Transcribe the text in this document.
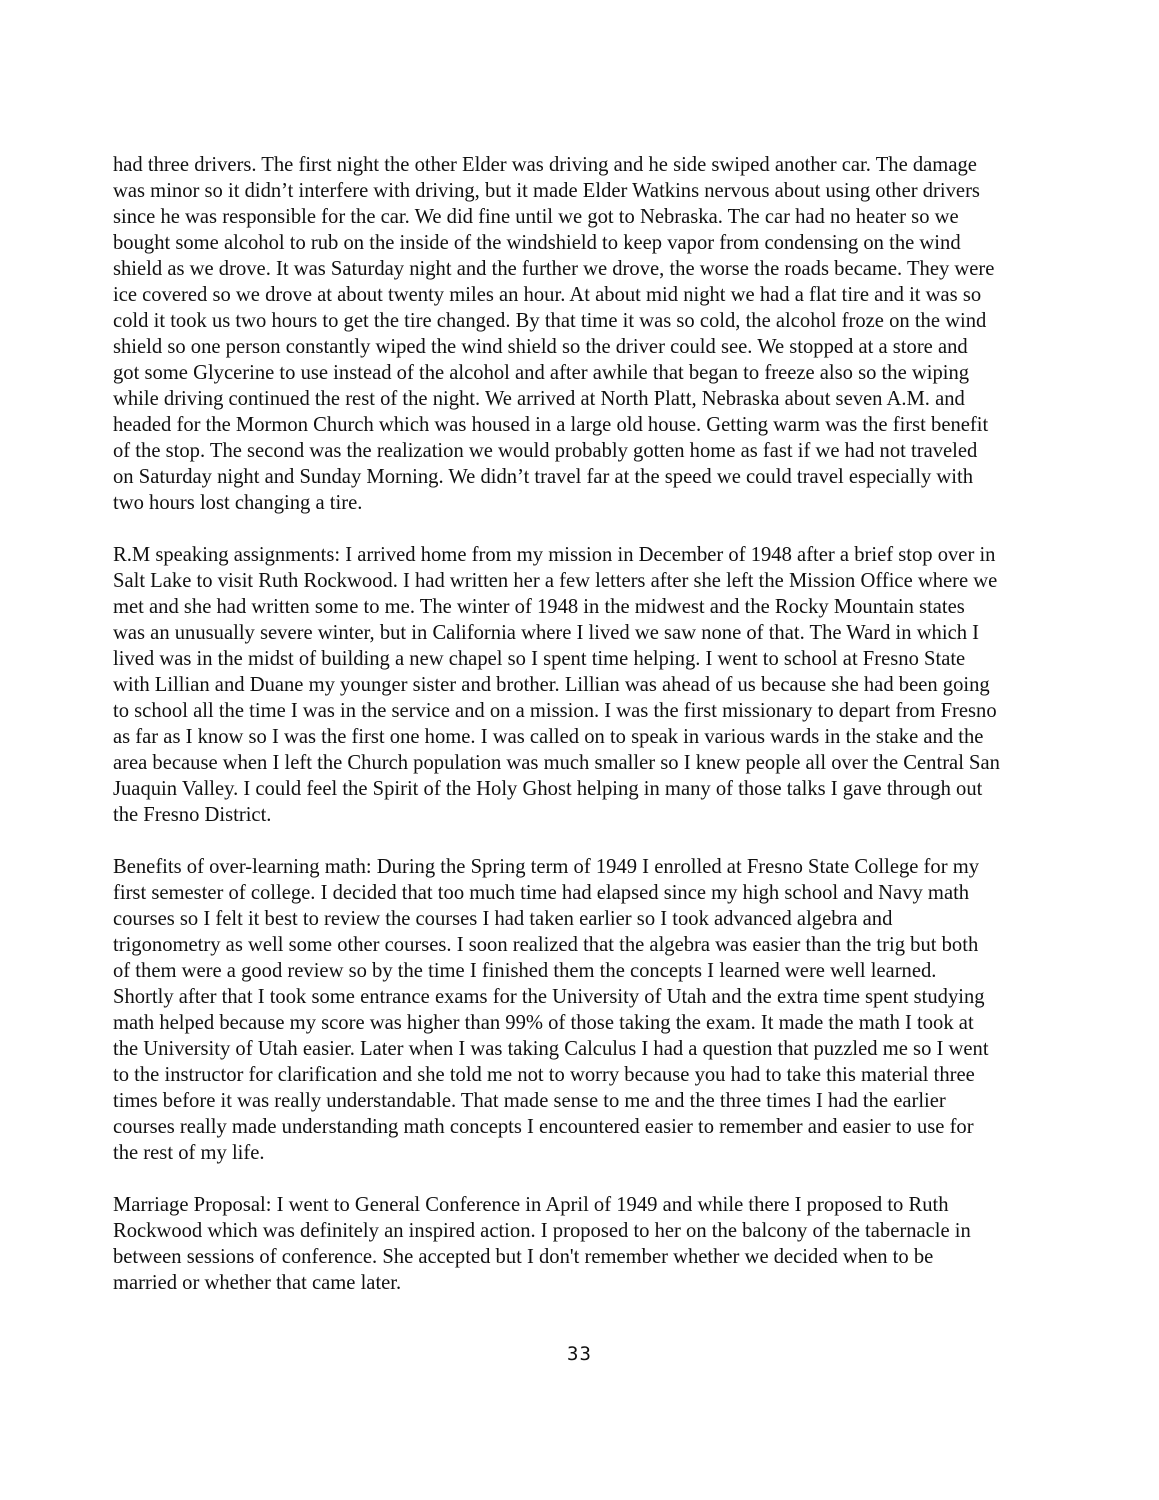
had three drivers. The first night the other Elder was driving and he side swiped another car. The damage
was minor so it didn’t interfere with driving, but it made Elder Watkins nervous about using other drivers
since he was responsible for the car. We did fine until we got to Nebraska. The car had no heater so we
bought some alcohol to rub on the inside of the windshield to keep vapor from condensing on the wind
shield as we drove. It was Saturday night and the further we drove, the worse the roads became. They were
ice covered so we drove at about twenty miles an hour. At about mid night we had a flat tire and it was so
cold it took us two hours to get the tire changed. By that time it was so cold, the alcohol froze on the wind
shield so one person constantly wiped the wind shield so the driver could see. We stopped at a store and
got some Glycerine to use instead of the alcohol and after awhile that began to freeze also so the wiping
while driving continued the rest of the night. We arrived at North Platt, Nebraska about seven A.M. and
headed for the Mormon Church which was housed in a large old house. Getting warm was the first benefit
of the stop. The second was the realization we would probably gotten home as fast if we had not traveled
on Saturday night and Sunday Morning. We didn’t travel far at the speed we could travel especially with
two hours lost changing a tire.

R.M speaking assignments: I arrived home from my mission in December of 1948 after a brief stop over in
Salt Lake to visit Ruth Rockwood. I had written her a few letters after she left the Mission Office where we
met and she had written some to me. The winter of 1948 in the midwest and the Rocky Mountain states
was an unusually severe winter, but in California where I lived we saw none of that. The Ward in which I
lived was in the midst of building a new chapel so I spent time helping. I went to school at Fresno State
with Lillian and Duane my younger sister and brother. Lillian was ahead of us because she had been going
to school all the time I was in the service and on a mission. I was the first missionary to depart from Fresno
as far as I know so I was the first one home. I was called on to speak in various wards in the stake and the
area because when I left the Church population was much smaller so I knew people all over the Central San
Juaquin Valley. I could feel the Spirit of the Holy Ghost helping in many of those talks I gave through out
the Fresno District.

Benefits of over-learning math: During the Spring term of 1949 I enrolled at Fresno State College for my
first semester of college. I decided that too much time had elapsed since my high school and Navy math
courses so I felt it best to review the courses I had taken earlier so I took advanced algebra and
trigonometry as well some other courses. I soon realized that the algebra was easier than the trig but both
of them were a good review so by the time I finished them the concepts I learned were well learned.
Shortly after that I took some entrance exams for the University of Utah and the extra time spent studying
math helped because my score was higher than 99% of those taking the exam. It made the math I took at
the University of Utah easier. Later when I was taking Calculus I had a question that puzzled me so I went
to the instructor for clarification and she told me not to worry because you had to take this material three
times before it was really understandable. That made sense to me and the three times I had the earlier
courses really made understanding math concepts I encountered easier to remember and easier to use for
the rest of my life.

Marriage Proposal: I went to General Conference in April of 1949 and while there I proposed to Ruth
Rockwood which was definitely an inspired action. I proposed to her on the balcony of the tabernacle in
between sessions of conference. She accepted but I don't remember whether we decided when to be
married or whether that came later.

33
